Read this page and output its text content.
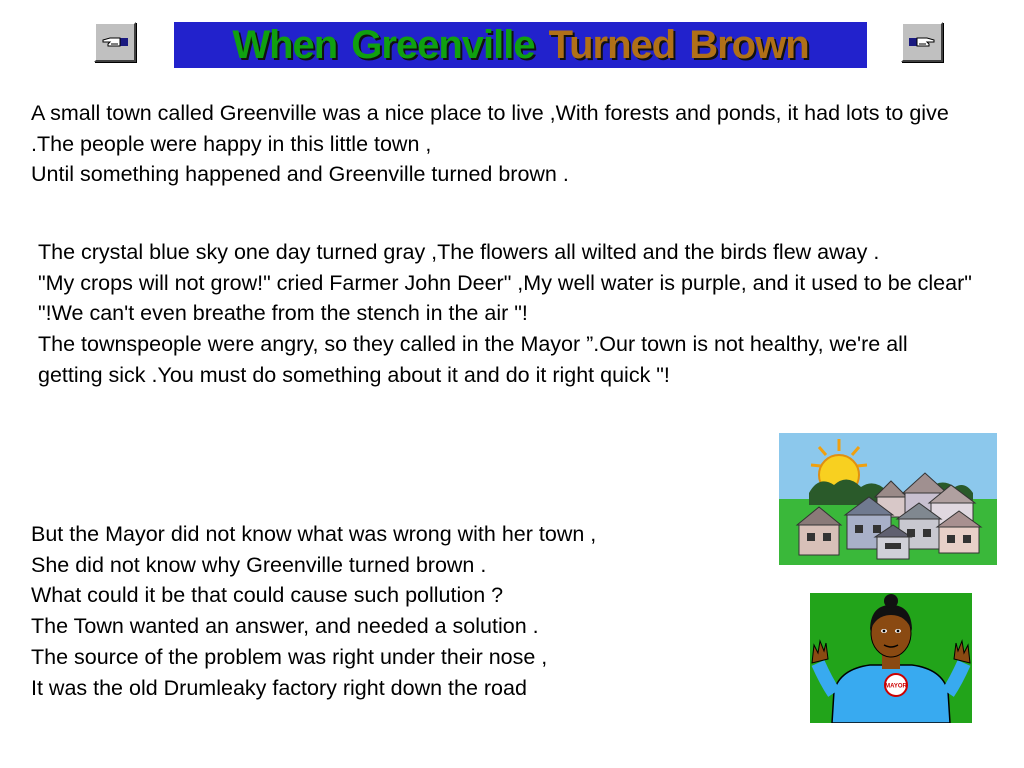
When Greenville Turned Brown

A small town called Greenville was a nice place to live ,With forests and ponds, it had lots to give .The people were happy in this little town ,

Until something happened and Greenville turned brown .

The crystal blue sky one day turned gray ,The flowers all wilted and the birds flew away .

"My crops will not grow!" cried Farmer John Deer" ,My well water is purple, and it used to be clear" "!We can't even breathe from the stench in the air "!

The townspeople were angry, so they called in the Mayor ”.Our town is not healthy, we're all getting sick .You must do something about it and do it right quick "!

But the Mayor did not know what was wrong with her town ,

She did not know why Greenville turned brown .

What could it be that could cause such pollution ?

The Town wanted an answer, and needed a solution .

The source of the problem was right under their nose ,

It was the old Drumleaky factory right down the road	MAYOR
